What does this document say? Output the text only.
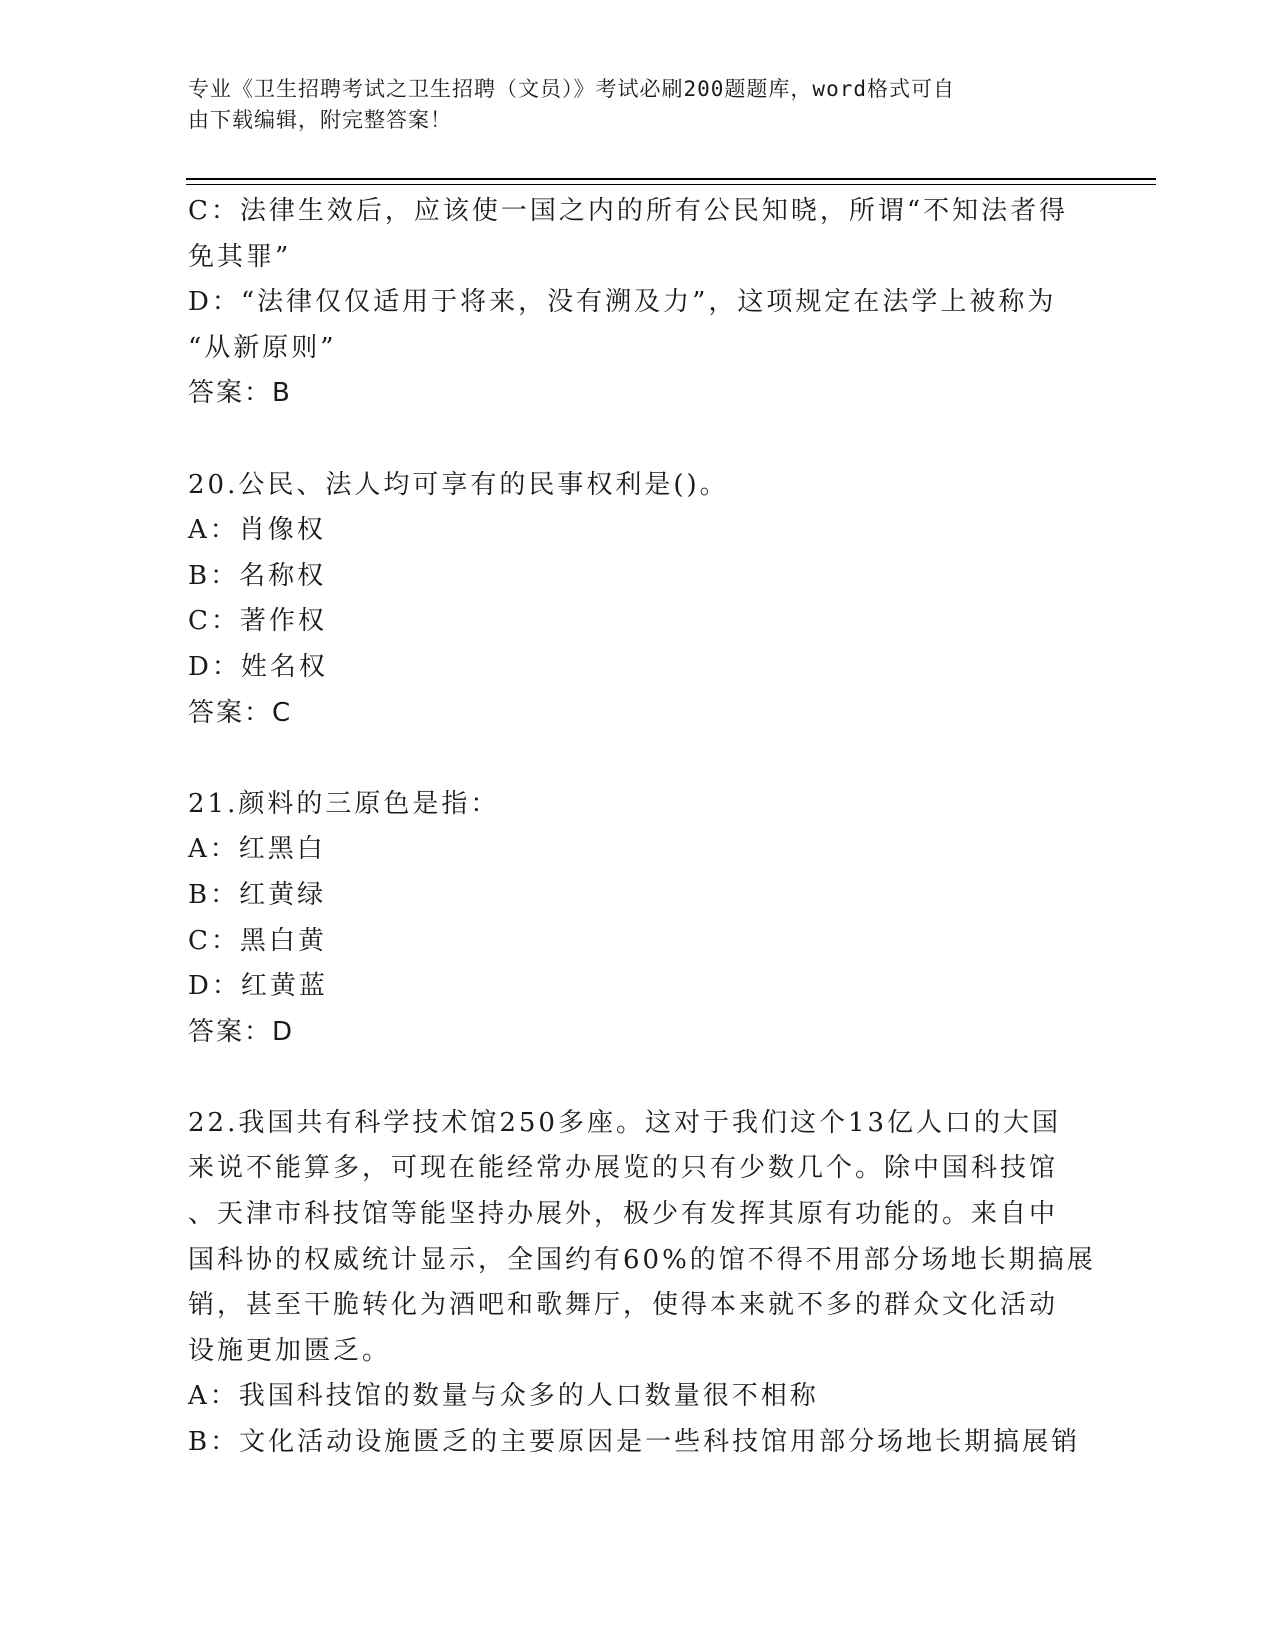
专业《卫生招聘考试之卫生招聘（文员）》考试必刷200题题库，word格式可自
由下载编辑，附完整答案！
C：法律生效后，应该使一国之内的所有公民知晓，所谓“不知法者得
免其罪”
D：“法律仅仅适用于将来，没有溯及力”，这项规定在法学上被称为
“从新原则”
答案：B
20.公民、法人均可享有的民事权利是()。
A：肖像权
B：名称权
C：著作权
D：姓名权
答案：C
21.颜料的三原色是指：
A：红黑白
B：红黄绿
C：黑白黄
D：红黄蓝
答案：D
22.我国共有科学技术馆250多座。这对于我们这个13亿人口的大国
来说不能算多，可现在能经常办展览的只有少数几个。除中国科技馆
、天津市科技馆等能坚持办展外，极少有发挥其原有功能的。来自中
国科协的权威统计显示，全国约有60%的馆不得不用部分场地长期搞展
销，甚至干脆转化为酒吧和歌舞厅，使得本来就不多的群众文化活动
设施更加匮乏。
A：我国科技馆的数量与众多的人口数量很不相称
B：文化活动设施匮乏的主要原因是一些科技馆用部分场地长期搞展销
